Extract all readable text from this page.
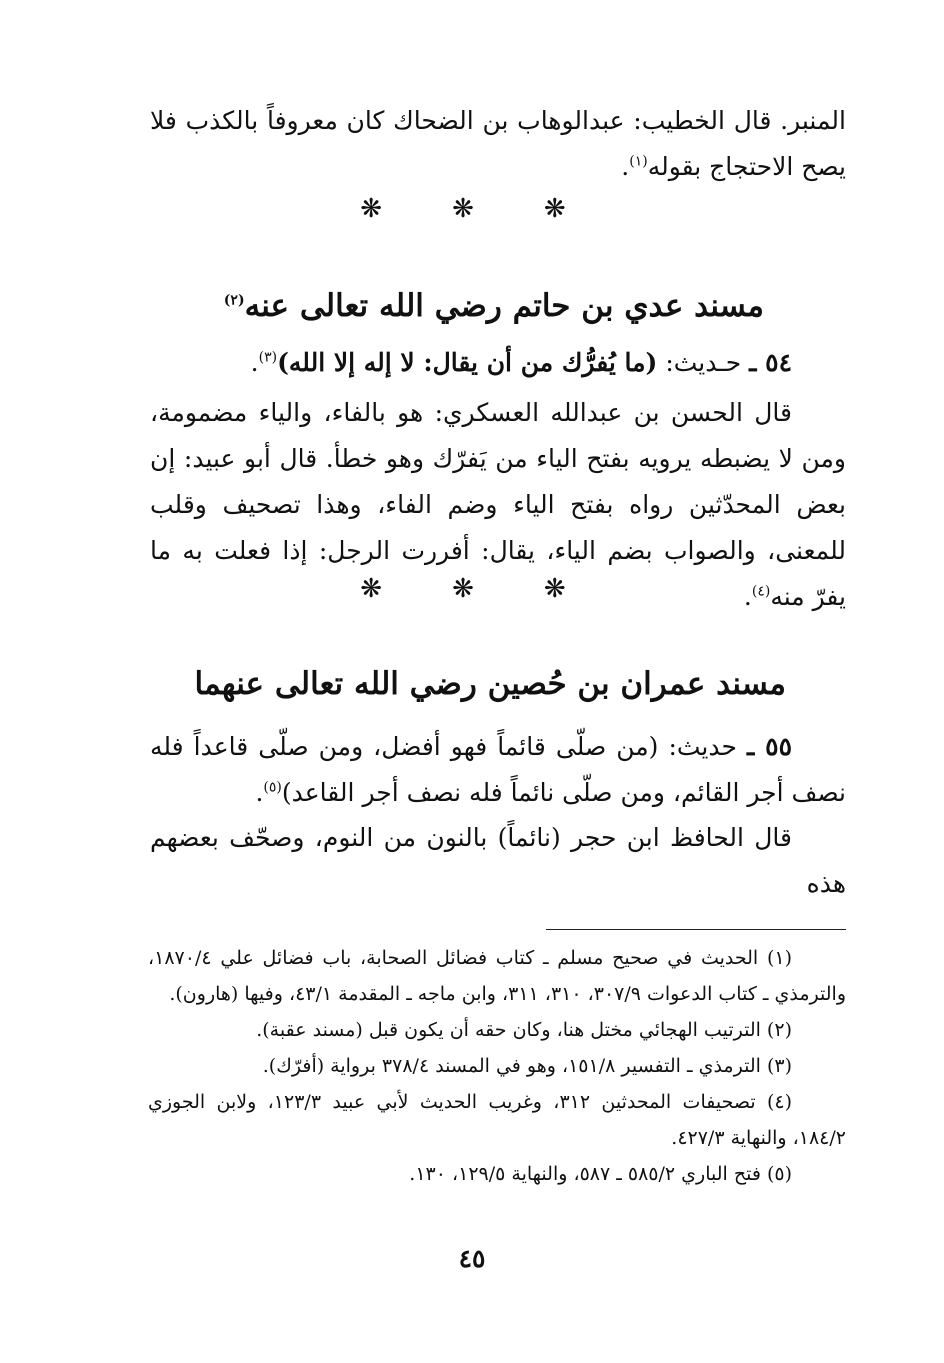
المنبر. قال الخطيب: عبدالوهاب بن الضحاك كان معروفاً بالكذب فلا يصح الاحتجاج بقوله$^{(١)}$.

❋❋❋
مسند عدي بن حاتم رضي الله تعالى عنه$^{(٢)}$

٥٤ ـ حـديث: (ما يُفرُّك من أن يقال: لا إله إلا الله)$^{(٣)}$.

قال الحسن بن عبدالله العسكري: هو بالفاء، والياء مضمومة، ومن لا يضبطه يرويه بفتح الياء من يَفرّك وهو خطأ. قال أبو عبيد: إن بعض المحدّثين رواه بفتح الياء وضم الفاء، وهذا تصحيف وقلب للمعنى، والصواب بضم الياء، يقال: أفررت الرجل: إذا فعلت به ما يفرّ منه$^{(٤)}$.

❋❋❋
مسند عمران بن حُصين رضي الله تعالى عنهما

٥٥ ـ حديث: (من صلّى قائماً فهو أفضل، ومن صلّى قاعداً فله نصف أجر القائم، ومن صلّى نائماً فله نصف أجر القاعد)$^{(٥)}$.

قال الحافظ ابن حجر (نائماً) بالنون من النوم، وصحّف بعضهم هذه

(١) الحديث في صحيح مسلم ـ كتاب فضائل الصحابة، باب فضائل علي ١٨٧٠/٤، والترمذي ـ كتاب الدعوات ٣٠٧/٩، ٣١٠، ٣١١، وابن ماجه ـ المقدمة ٤٣/١، وفيها (هارون).

(٢) الترتيب الهجائي مختل هنا، وكان حقه أن يكون قبل (مسند عقبة).

(٣) الترمذي ـ التفسير ١٥١/٨، وهو في المسند ٣٧٨/٤ برواية (أفرّك).

(٤) تصحيفات المحدثين ٣١٢، وغريب الحديث لأبي عبيد ١٢٣/٣، ولابن الجوزي ١٨٤/٢، والنهاية ٤٢٧/٣.

(٥) فتح الباري ٥٨٥/٢ ـ ٥٨٧، والنهاية ١٢٩/٥، ١٣٠.

٤٥
